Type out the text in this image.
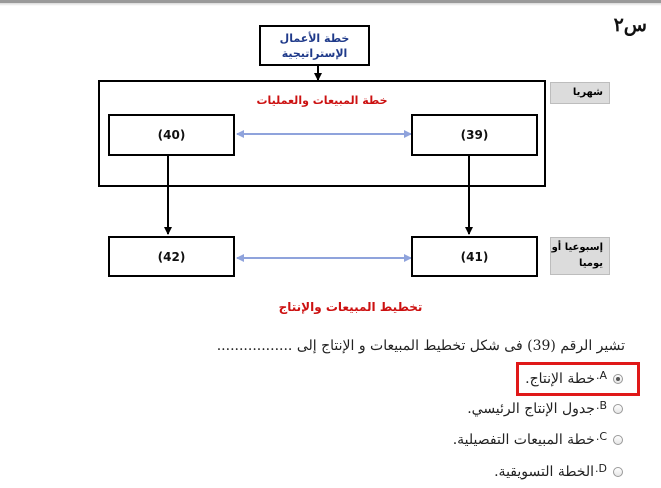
س٢
خطة الأعمال
الإستراتيجية
خطة المبيعات والعمليات
(40)	(39)
(42)	(41)
شهريا
إسبوعيا أو
يوميا
تخطيط المبيعات والإنتاج
تشير الرقم (39) فى شكل تخطيط المبيعات و الإنتاج إلى .................
A.
خطة الإنتاج.
B.
جدول الإنتاج الرئيسي.
C.
خطة المبيعات التفصيلية.
D.
الخطة التسويقية.
